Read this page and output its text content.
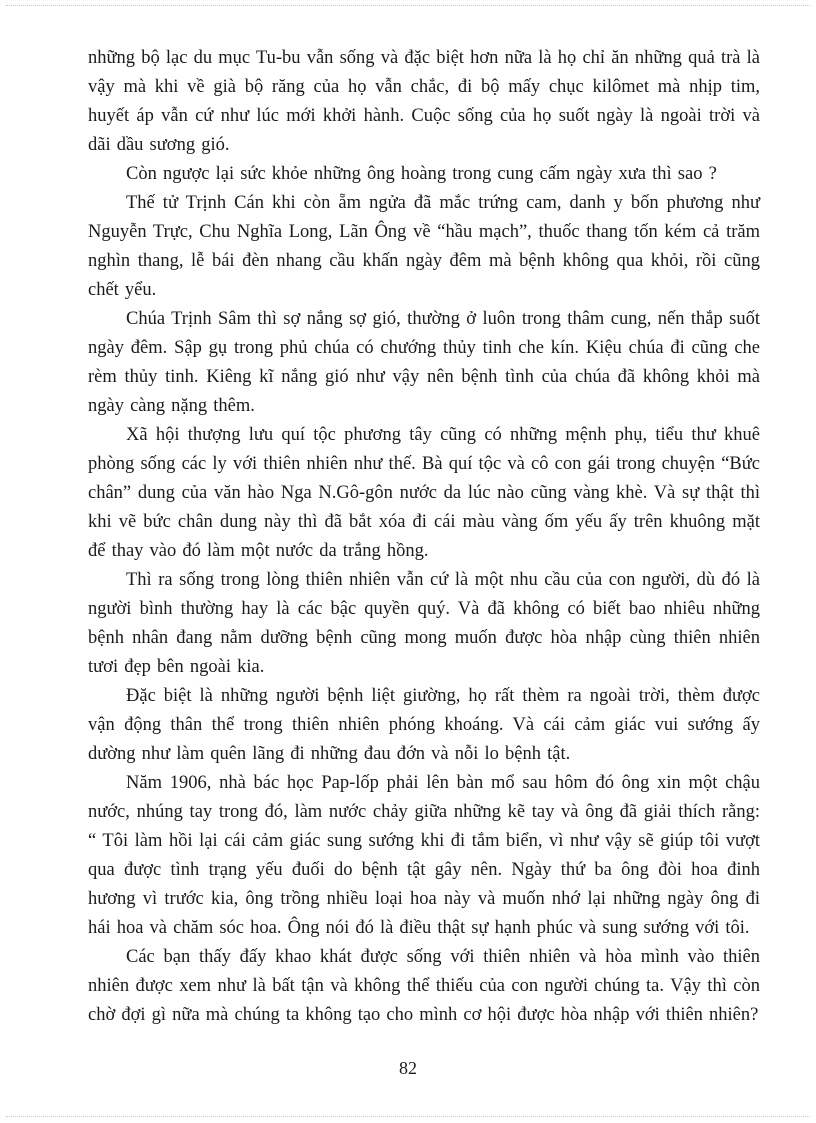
những bộ lạc du mục Tu-bu vẫn sống và đặc biệt hơn nữa là họ chỉ ăn những quả trà là vậy mà khi về già bộ răng của họ vẫn chắc, đi bộ mấy chục kilômet mà nhịp tim, huyết áp vẫn cứ như lúc mới khởi hành. Cuộc sống của họ suốt ngày là ngoài trời và dãi dầu sương gió.

Còn ngược lại sức khỏe những ông hoàng trong cung cấm ngày xưa thì sao ?

Thế tử Trịnh Cán khi còn ẵm ngửa đã mắc trứng cam, danh y bốn phương như Nguyễn Trực, Chu Nghĩa Long, Lãn Ông về “hầu mạch”, thuốc thang tốn kém cả trăm nghìn thang, lễ bái đèn nhang cầu khấn ngày đêm mà bệnh không qua khỏi, rồi cũng chết yểu.

Chúa Trịnh Sâm thì sợ nắng sợ gió, thường ở luôn trong thâm cung, nến thắp suốt ngày đêm. Sập gụ trong phủ chúa có chướng thủy tinh che kín. Kiệu chúa đi cũng che rèm thủy tinh. Kiêng kĩ nắng gió như vậy nên bệnh tình của chúa đã không khỏi mà ngày càng nặng thêm.

Xã hội thượng lưu quí tộc phương tây cũng có những mệnh phụ, tiểu thư khuê phòng sống các ly với thiên nhiên như thế. Bà quí tộc và cô con gái trong chuyện “Bức chân” dung của văn hào Nga N.Gô-gôn nước da lúc nào cũng vàng khè. Và sự thật thì khi vẽ bức chân dung này thì đã bắt xóa đi cái màu vàng ốm yếu ấy trên khuông mặt để thay vào đó làm một nước da trắng hồng.

Thì ra sống trong lòng thiên nhiên vẫn cứ là một nhu cầu của con người, dù đó là người bình thường hay là các bậc quyền quý. Và đã không có biết bao nhiêu những bệnh nhân đang nằm dưỡng bệnh cũng mong muốn được hòa nhập cùng thiên nhiên tươi đẹp bên ngoài kia.

Đặc biệt là những người bệnh liệt giường, họ rất thèm ra ngoài trời, thèm được vận động thân thể trong thiên nhiên phóng khoáng. Và cái cảm giác vui sướng ấy dường như làm quên lãng đi những đau đớn và nỗi lo bệnh tật.

Năm 1906, nhà bác học Pap-lốp phải lên bàn mổ sau hôm đó ông xin một chậu nước, nhúng tay trong đó, làm nước chảy giữa những kẽ tay và ông đã giải thích rằng: “ Tôi làm hồi lại cái cảm giác sung sướng khi đi tắm biển, vì như vậy sẽ giúp tôi vượt qua được tình trạng yếu đuối do bệnh tật gây nên. Ngày thứ ba ông đòi hoa đinh hương vì trước kia, ông trồng nhiều loại hoa này và muốn nhớ lại những ngày ông đi hái hoa và chăm sóc hoa. Ông nói đó là điều thật sự hạnh phúc và sung sướng với tôi.

Các bạn thấy đấy khao khát được sống với thiên nhiên và hòa mình vào thiên nhiên được xem như là bất tận và không thể thiếu của con người chúng ta. Vậy thì còn chờ đợi gì nữa mà chúng ta không tạo cho mình cơ hội được hòa nhập với thiên nhiên?

82
